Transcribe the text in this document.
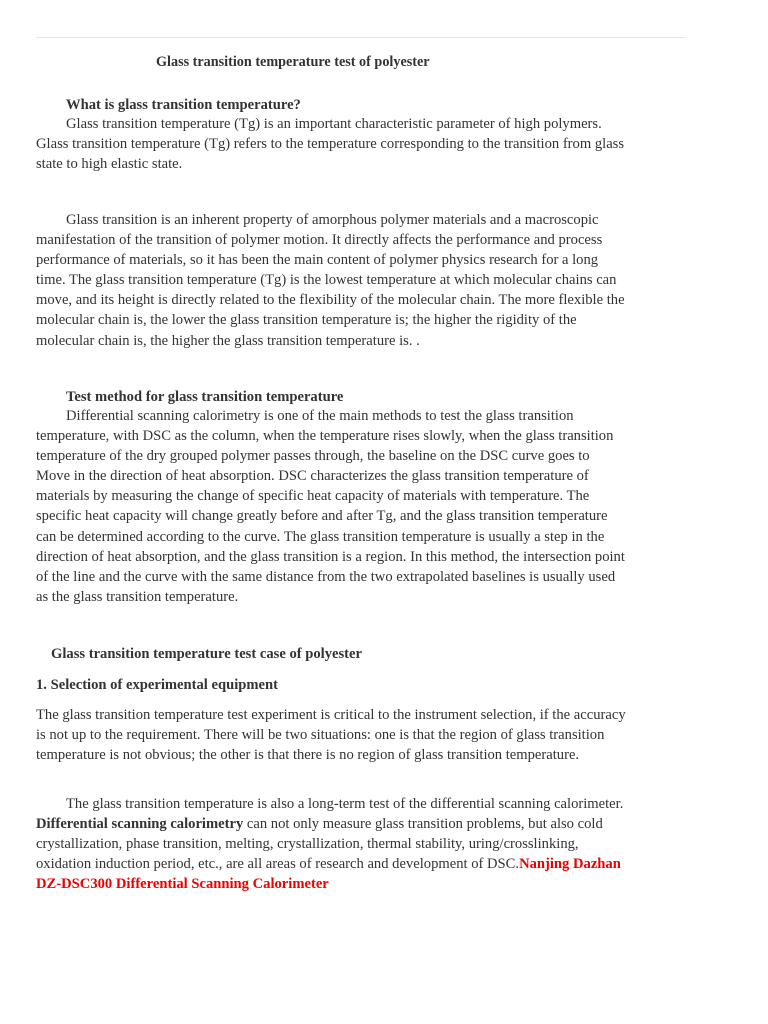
Glass transition temperature test of polyester

What is glass transition temperature?

Glass transition temperature (Tg) is an important characteristic parameter of high polymers. Glass transition temperature (Tg) refers to the temperature corresponding to the transition from glass state to high elastic state.

Glass transition is an inherent property of amorphous polymer materials and a macroscopic manifestation of the transition of polymer motion. It directly affects the performance and process performance of materials, so it has been the main content of polymer physics research for a long time. The glass transition temperature (Tg) is the lowest temperature at which molecular chains can move, and its height is directly related to the flexibility of the molecular chain. The more flexible the molecular chain is, the lower the glass transition temperature is; the higher the rigidity of the molecular chain is, the higher the glass transition temperature is. .

Test method for glass transition temperature

Differential scanning calorimetry is one of the main methods to test the glass transition temperature, with DSC as the column, when the temperature rises slowly, when the glass transition temperature of the dry grouped polymer passes through, the baseline on the DSC curve goes to Move in the direction of heat absorption. DSC characterizes the glass transition temperature of materials by measuring the change of specific heat capacity of materials with temperature. The specific heat capacity will change greatly before and after Tg, and the glass transition temperature can be determined according to the curve. The glass transition temperature is usually a step in the direction of heat absorption, and the glass transition is a region. In this method, the intersection point of the line and the curve with the same distance from the two extrapolated baselines is usually used as the glass transition temperature.

Glass transition temperature test case of polyester

1. Selection of experimental equipment

The glass transition temperature test experiment is critical to the instrument selection, if the accuracy is not up to the requirement. There will be two situations: one is that the region of glass transition temperature is not obvious; the other is that there is no region of glass transition temperature.

The glass transition temperature is also a long-term test of the differential scanning calorimeter. Differential scanning calorimetry can not only measure glass transition problems, but also cold crystallization, phase transition, melting, crystallization, thermal stability, uring/crosslinking, oxidation induction period, etc., are all areas of research and development of DSC.Nanjing Dazhan DZ-DSC300 Differential Scanning Calorimeter
